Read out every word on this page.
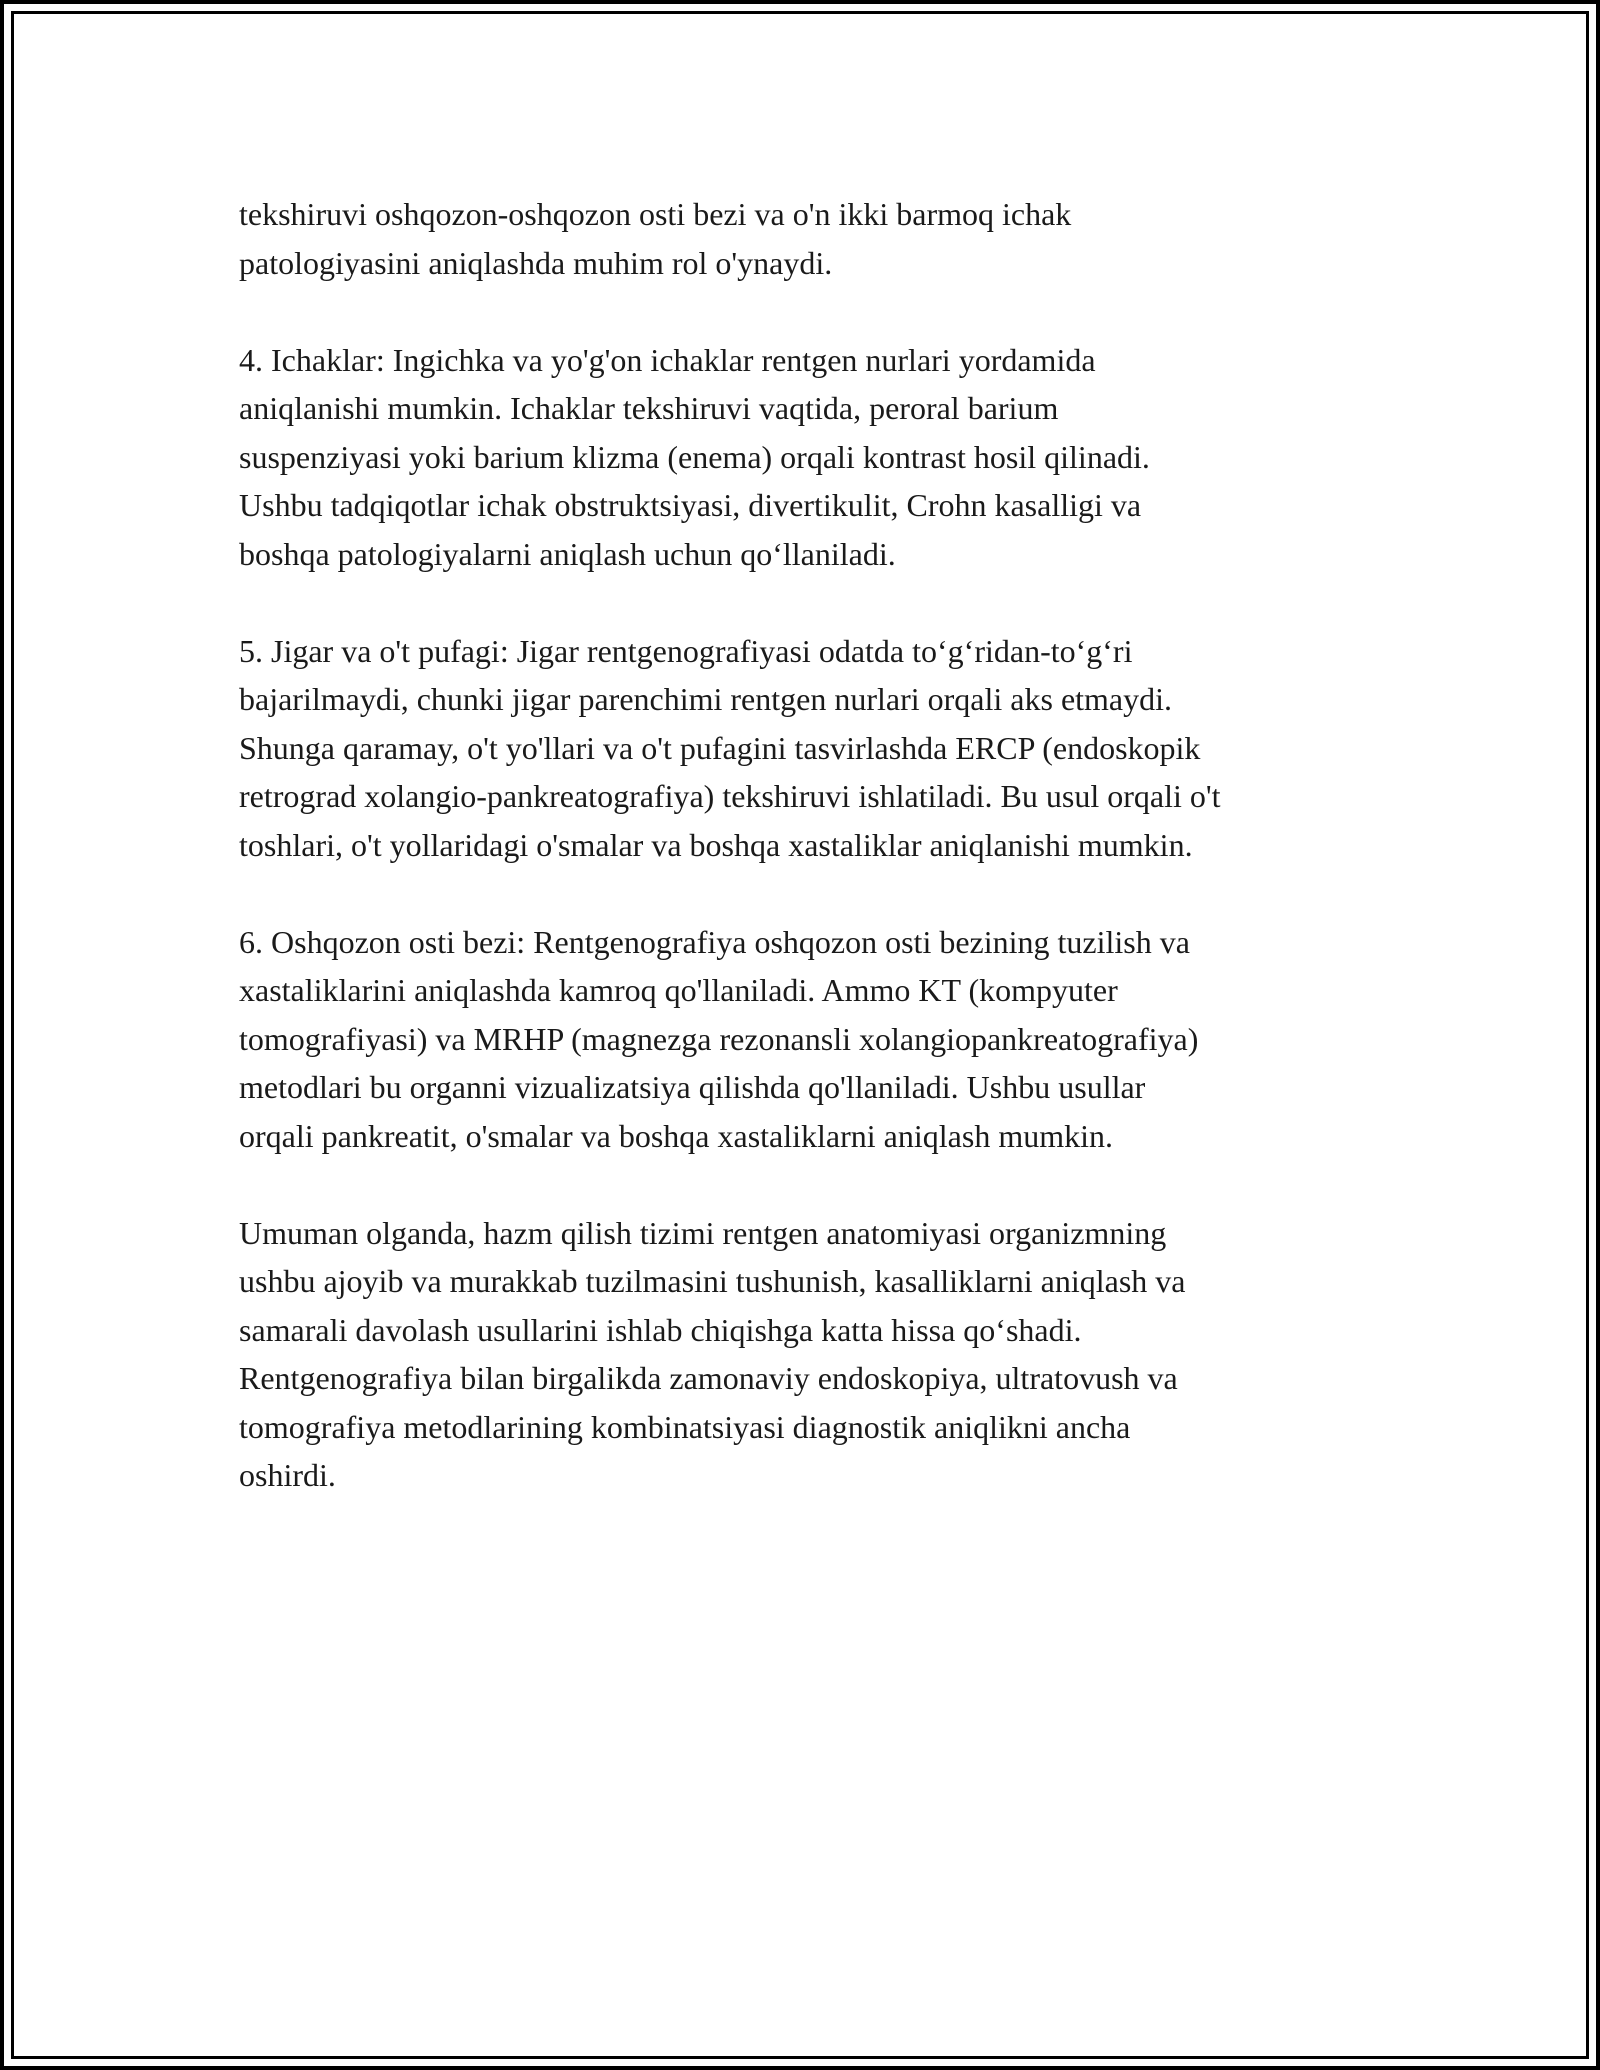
tekshiruvi oshqozon-oshqozon osti bezi va o'n ikki barmoq ichak
patologiyasini aniqlashda muhim rol o'ynaydi.

4. Ichaklar: Ingichka va yo'g'on ichaklar rentgen nurlari yordamida
aniqlanishi mumkin. Ichaklar tekshiruvi vaqtida, peroral barium
suspenziyasi yoki barium klizma (enema) orqali kontrast hosil qilinadi.
Ushbu tadqiqotlar ichak obstruktsiyasi, divertikulit, Crohn kasalligi va
boshqa patologiyalarni aniqlash uchun qo‘llaniladi.

5. Jigar va o't pufagi: Jigar rentgenografiyasi odatda to‘g‘ridan-to‘g‘ri
bajarilmaydi, chunki jigar parenchimi rentgen nurlari orqali aks etmaydi.
Shunga qaramay, o't yo'llari va o't pufagini tasvirlashda ERCP (endoskopik
retrograd xolangio-pankreatografiya) tekshiruvi ishlatiladi. Bu usul orqali o't
toshlari, o't yollaridagi o'smalar va boshqa xastaliklar aniqlanishi mumkin.

6. Oshqozon osti bezi: Rentgenografiya oshqozon osti bezining tuzilish va
xastaliklarini aniqlashda kamroq qo'llaniladi. Ammo KT (kompyuter
tomografiyasi) va MRHP (magnezga rezonansli xolangiopankreatografiya)
metodlari bu organni vizualizatsiya qilishda qo'llaniladi. Ushbu usullar
orqali pankreatit, o'smalar va boshqa xastaliklarni aniqlash mumkin.

Umuman olganda, hazm qilish tizimi rentgen anatomiyasi organizmning
ushbu ajoyib va murakkab tuzilmasini tushunish, kasalliklarni aniqlash va
samarali davolash usullarini ishlab chiqishga katta hissa qo‘shadi.
Rentgenografiya bilan birgalikda zamonaviy endoskopiya, ultratovush va
tomografiya metodlarining kombinatsiyasi diagnostik aniqlikni ancha
oshirdi.
